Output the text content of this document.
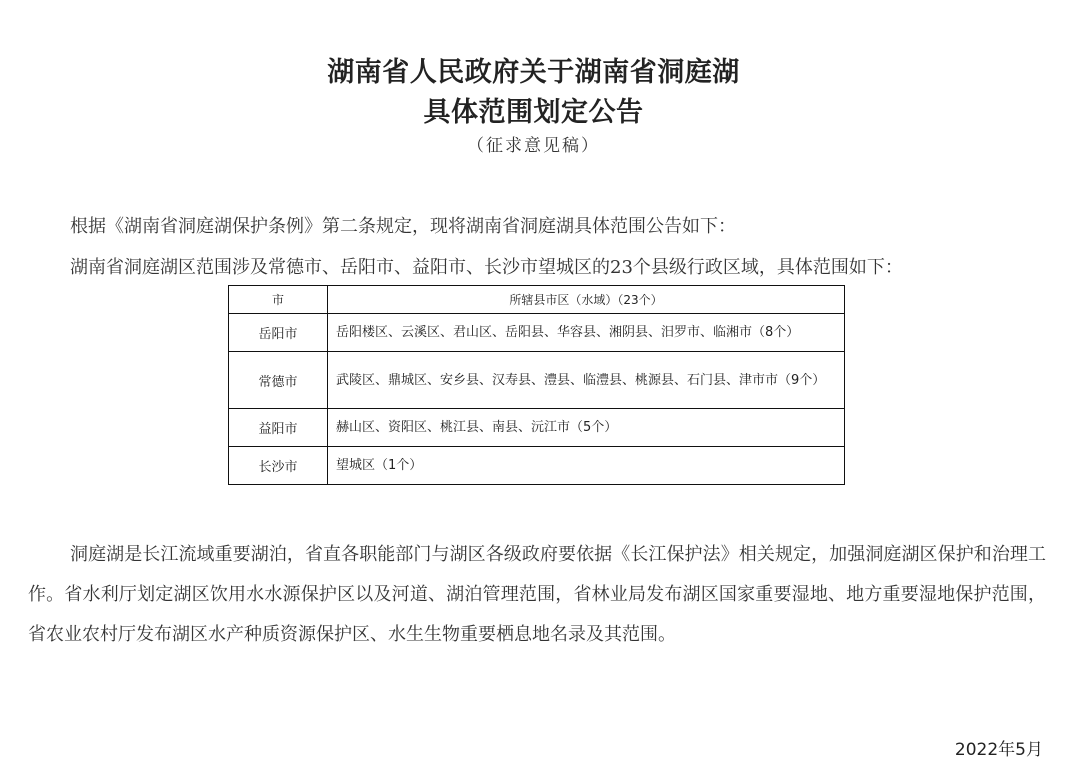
湖南省人民政府关于湖南省洞庭湖
具体范围划定公告
（征求意见稿）

根据《湖南省洞庭湖保护条例》第二条规定，现将湖南省洞庭湖具体范围公告如下：

湖南省洞庭湖区范围涉及常德市、岳阳市、益阳市、长沙市望城区的23个县级行政区域，具体范围如下：

市	所辖县市区（水域）（23个）
岳阳市	岳阳楼区、云溪区、君山区、岳阳县、华容县、湘阴县、汨罗市、临湘市（8个）
常德市	武陵区、鼎城区、安乡县、汉寿县、澧县、临澧县、桃源县、石门县、津市市（9个）
益阳市	赫山区、资阳区、桃江县、南县、沅江市（5个）
长沙市	望城区（1个）

洞庭湖是长江流域重要湖泊，省直各职能部门与湖区各级政府要依据《长江保护法》相关规定，加强洞庭湖区保护和治理工作。省水利厅划定湖区饮用水水源保护区以及河道、湖泊管理范围，省林业局发布湖区国家重要湿地、地方重要湿地保护范围，省农业农村厅发布湖区水产种质资源保护区、水生生物重要栖息地名录及其范围。

2022年5月
